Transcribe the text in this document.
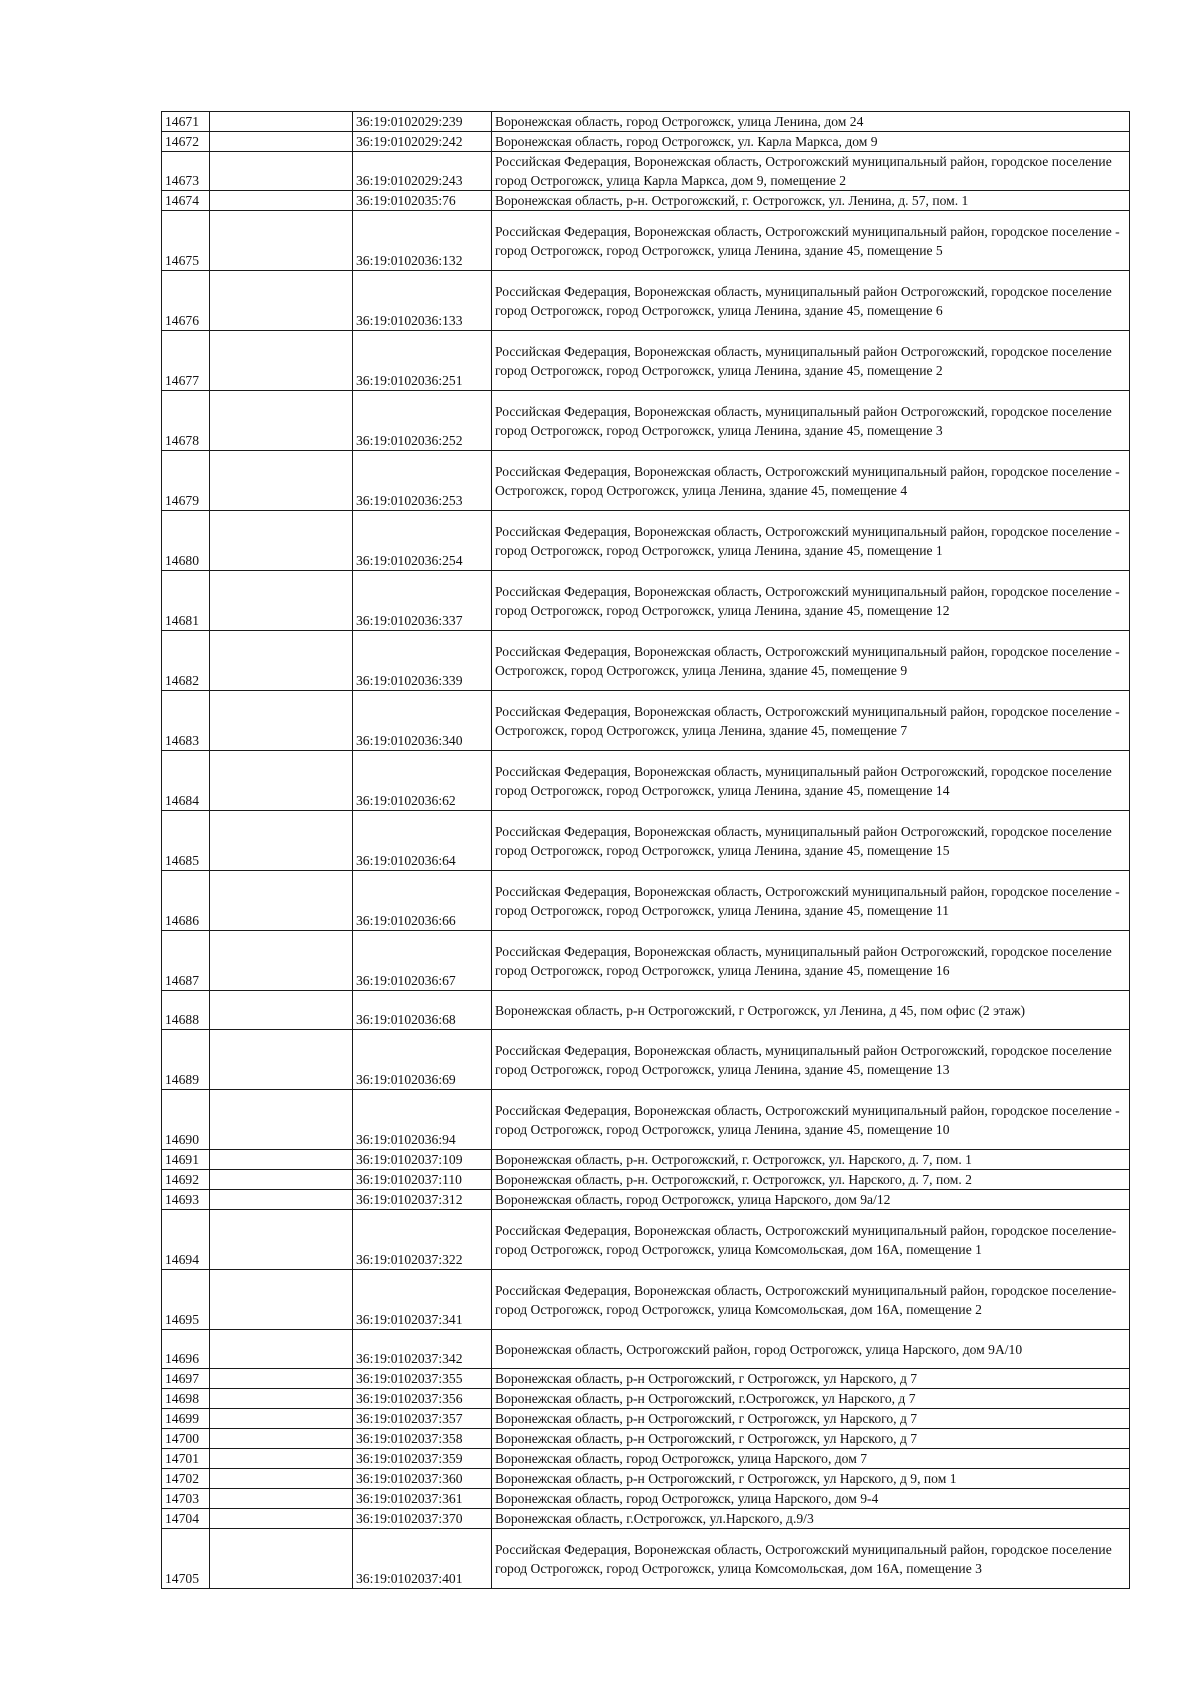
14671		36:19:0102029:239	Воронежская область, город Острогожск, улица Ленина, дом 24
14672		36:19:0102029:242	Воронежская область, город Острогожск, ул. Карла Маркса, дом 9
14673		36:19:0102029:243	Российская Федерация, Воронежская область, Острогожский муниципальный район, городское поселение город Острогожск, улица Карла Маркса, дом 9, помещение 2
14674		36:19:0102035:76	Воронежская область, р-н. Острогожский, г. Острогожск, ул. Ленина, д. 57, пом. 1
14675		36:19:0102036:132	Российская Федерация, Воронежская область, Острогожский муниципальный район, городское поселение - город Острогожск, город Острогожск, улица Ленина, здание 45, помещение 5
14676		36:19:0102036:133	Российская Федерация, Воронежская область, муниципальный район Острогожский, городское поселение город Острогожск, город Острогожск, улица Ленина, здание 45, помещение 6
14677		36:19:0102036:251	Российская Федерация, Воронежская область, муниципальный район Острогожский, городское поселение город Острогожск, город Острогожск, улица Ленина, здание 45, помещение 2
14678		36:19:0102036:252	Российская Федерация, Воронежская область, муниципальный район Острогожский, городское поселение город Острогожск, город Острогожск, улица Ленина, здание 45, помещение 3
14679		36:19:0102036:253	Российская Федерация, Воронежская область, Острогожский муниципальный район, городское поселение - Острогожск, город Острогожск, улица Ленина, здание 45, помещение 4
14680		36:19:0102036:254	Российская Федерация, Воронежская область, Острогожский муниципальный район, городское поселение - город Острогожск, город Острогожск, улица Ленина, здание 45, помещение 1
14681		36:19:0102036:337	Российская Федерация, Воронежская область, Острогожский муниципальный район, городское поселение - город Острогожск, город Острогожск, улица Ленина, здание 45, помещение 12
14682		36:19:0102036:339	Российская Федерация, Воронежская область, Острогожский муниципальный район, городское поселение - Острогожск, город Острогожск, улица Ленина, здание 45, помещение 9
14683		36:19:0102036:340	Российская Федерация, Воронежская область, Острогожский муниципальный район, городское поселение - Острогожск, город Острогожск, улица Ленина, здание 45, помещение 7
14684		36:19:0102036:62	Российская Федерация, Воронежская область, муниципальный район Острогожский, городское поселение город Острогожск, город Острогожск, улица Ленина, здание 45, помещение 14
14685		36:19:0102036:64	Российская Федерация, Воронежская область, муниципальный район Острогожский, городское поселение город Острогожск, город Острогожск, улица Ленина, здание 45, помещение 15
14686		36:19:0102036:66	Российская Федерация, Воронежская область, Острогожский муниципальный район, городское поселение - город Острогожск, город Острогожск, улица Ленина, здание 45, помещение 11
14687		36:19:0102036:67	Российская Федерация, Воронежская область, муниципальный район Острогожский, городское поселение город Острогожск, город Острогожск, улица Ленина, здание 45, помещение 16
14688		36:19:0102036:68	Воронежская область, р-н Острогожский, г Острогожск, ул Ленина, д 45, пом офис (2 этаж)
14689		36:19:0102036:69	Российская Федерация, Воронежская область, муниципальный район Острогожский, городское поселение город Острогожск, город Острогожск, улица Ленина, здание 45, помещение 13
14690		36:19:0102036:94	Российская Федерация, Воронежская область, Острогожский муниципальный район, городское поселение - город Острогожск, город Острогожск, улица Ленина, здание 45, помещение 10
14691		36:19:0102037:109	Воронежская область, р-н. Острогожский, г. Острогожск, ул. Нарского, д. 7, пом. 1
14692		36:19:0102037:110	Воронежская область, р-н. Острогожский, г. Острогожск, ул. Нарского, д. 7, пом. 2
14693		36:19:0102037:312	Воронежская область, город Острогожск, улица Нарского, дом 9а/12
14694		36:19:0102037:322	Российская Федерация, Воронежская область, Острогожский муниципальный район, городское поселение- город Острогожск, город Острогожск, улица Комсомольская, дом 16А, помещение 1
14695		36:19:0102037:341	Российская Федерация, Воронежская область, Острогожский муниципальный район, городское поселение- город Острогожск, город Острогожск, улица Комсомольская, дом 16А, помещение 2
14696		36:19:0102037:342	Воронежская область, Острогожский район, город Острогожск, улица Нарского, дом 9А/10
14697		36:19:0102037:355	Воронежская область, р-н Острогожский, г Острогожск, ул Нарского, д 7
14698		36:19:0102037:356	Воронежская область, р-н Острогожский, г.Острогожск, ул Нарского, д 7
14699		36:19:0102037:357	Воронежская область, р-н Острогожский, г Острогожск, ул Нарского, д 7
14700		36:19:0102037:358	Воронежская область, р-н Острогожский, г Острогожск, ул Нарского, д 7
14701		36:19:0102037:359	Воронежская область, город Острогожск, улица Нарского, дом 7
14702		36:19:0102037:360	Воронежская область, р-н Острогожский, г Острогожск, ул Нарского, д 9, пом 1
14703		36:19:0102037:361	Воронежская область, город Острогожск, улица Нарского, дом 9-4
14704		36:19:0102037:370	Воронежская область, г.Острогожск, ул.Нарского, д.9/3
14705		36:19:0102037:401	Российская Федерация, Воронежская область, Острогожский муниципальный район, городское поселение город Острогожск, город Острогожск, улица Комсомольская, дом 16А, помещение 3
